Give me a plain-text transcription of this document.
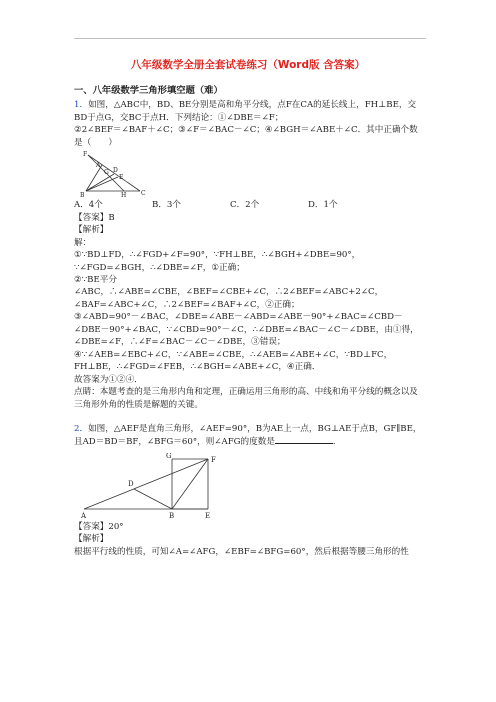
八年级数学全册全套试卷练习（Word版 含答案）
一、八年级数学三角形填空题（难）

1．如图，△ABC中，BD、BE分别是高和角平分线，点F在CA的延长线上，FH⊥BE，交BD于点G，交BC于点H．下列结论：①∠DBE＝∠F；

②2∠BEF＝∠BAF＋∠C；③∠F＝∠BAC－∠C；④∠BGH＝∠ABE＋∠C．其中正确个数是（　　）

F
A
G D
E
B	H C
A．4个	B．3个	C．2个	D．1个

【答案】B

【解析】

解：

①∵BD⊥FD，∴∠FGD+∠F=90°，∵FH⊥BE，∴∠BGH+∠DBE=90°，∵∠FGD=∠BGH，∴∠DBE=∠F，①正确；

②∵BE平分

∠ABC，∴∠ABE=∠CBE，∠BEF=∠CBE+∠C，∴2∠BEF=∠ABC+2∠C，∠BAF=∠ABC+∠C，∴2∠BEF=∠BAF+∠C，②正确；

③∠ABD=90°－∠BAC，∠DBE=∠ABE－∠ABD=∠ABE－90°+∠BAC=∠CBD－∠DBE－90°+∠BAC，∵∠CBD=90°－∠C，∴∠DBE=∠BAC－∠C－∠DBE，由①得，

∠DBE=∠F，∴∠F=∠BAC－∠C－∠DBE，③错误；

④∵∠AEB=∠EBC+∠C，∵∠ABE=∠CBE，∴∠AEB=∠ABE+∠C，∵BD⊥FC，FH⊥BE，∴∠FGD=∠FEB，∴∠BGH=∠ABE+∠C，④正确．

故答案为①②④．

点睛：本题考查的是三角形内角和定理，正确运用三角形的高、中线和角平分线的概念以及三角形外角的性质是解题的关键。

2．如图，△AEF是直角三角形，∠AEF=90°，B为AE上一点，BG⊥AE于点B，GF∥BE，且AD＝BD＝BF，∠BFG＝60°，则∠AFG的度数是	．

G	F
D
A	B	E

【答案】20°

【解析】

根据平行线的性质，可知∠A=∠AFG，∠EBF=∠BFG=60°，然后根据等腰三角形的性
